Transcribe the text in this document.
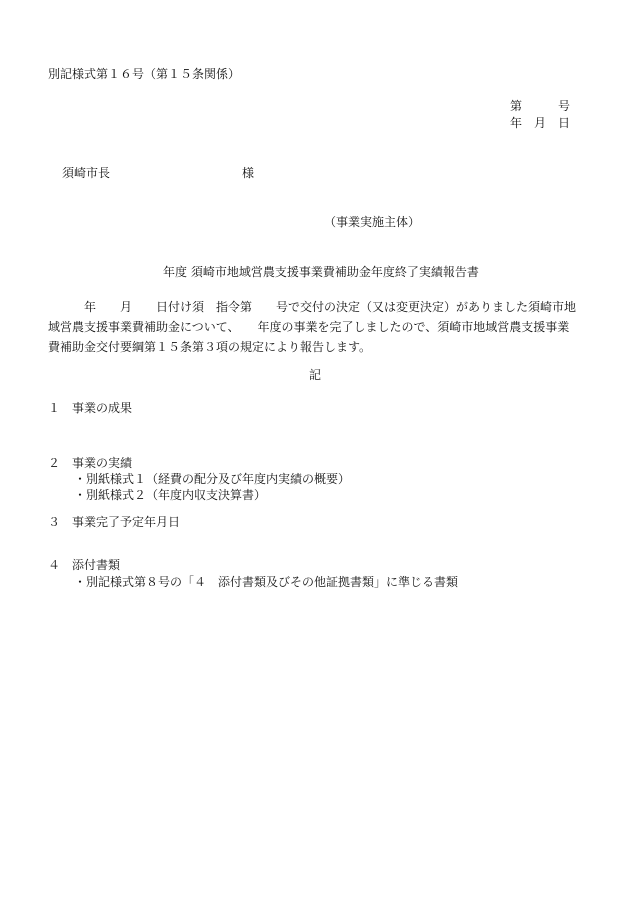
別記様式第１６号（第１５条関係）
第　　　号
年　月　日
須崎市長　　　　　　　　　　　様
（事業実施主体）
年度 須崎市地域営農支援事業費補助金年度終了実績報告書
　　　年　　月　　日付け須　指令第　　号で交付の決定（又は変更決定）がありました須崎市地
域営農支援事業費補助金について、　　年度の事業を完了しましたので、須崎市地域営農支援事業
費補助金交付要綱第１５条第３項の規定により報告します。
記
１　事業の成果
２　事業の実績
・別紙様式１（経費の配分及び年度内実績の概要）
・別紙様式２（年度内収支決算書）
３　事業完了予定年月日
４　添付書類
・別記様式第８号の「４　添付書類及びその他証拠書類」に準じる書類
